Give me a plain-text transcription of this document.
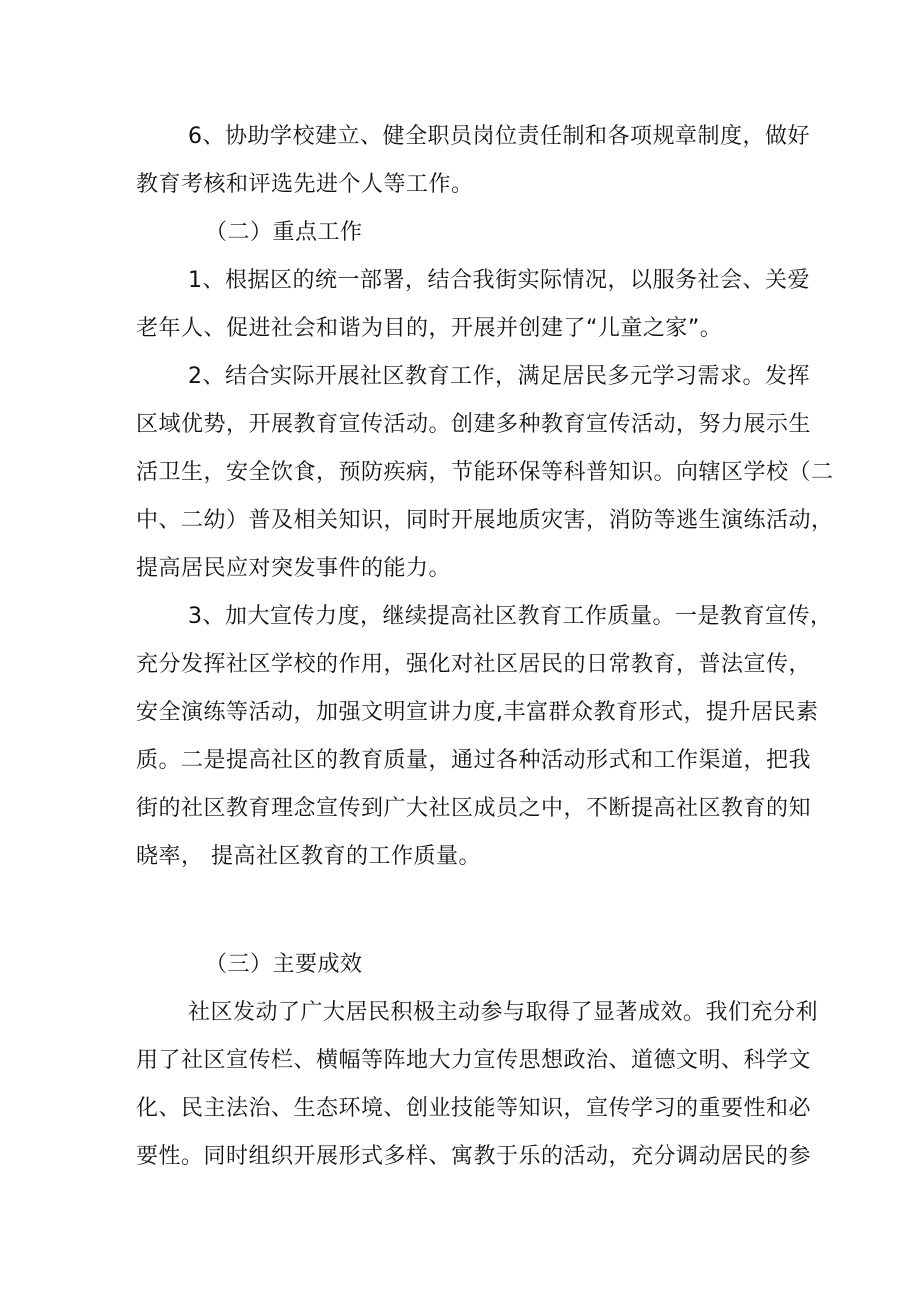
6、协助学校建立、健全职员岗位责任制和各项规章制度，做好
教育考核和评选先进个人等工作。
（二）重点工作
1、根据区的统一部署，结合我街实际情况，以服务社会、关爱
老年人、促进社会和谐为目的，开展并创建了“儿童之家”。
2、结合实际开展社区教育工作，满足居民多元学习需求。发挥
区域优势，开展教育宣传活动。创建多种教育宣传活动，努力展示生
活卫生，安全饮食，预防疾病，节能环保等科普知识。向辖区学校（二
中、二幼）普及相关知识，同时开展地质灾害，消防等逃生演练活动，
提高居民应对突发事件的能力。
3、加大宣传力度，继续提高社区教育工作质量。一是教育宣传，
充分发挥社区学校的作用，强化对社区居民的日常教育，普法宣传，
安全演练等活动，加强文明宣讲力度,丰富群众教育形式，提升居民素
质。二是提高社区的教育质量，通过各种活动形式和工作渠道，把我
街的社区教育理念宣传到广大社区成员之中，不断提高社区教育的知
晓率， 提高社区教育的工作质量。
（三）主要成效
社区发动了广大居民积极主动参与取得了显著成效。我们充分利
用了社区宣传栏、横幅等阵地大力宣传思想政治、道德文明、科学文
化、民主法治、生态环境、创业技能等知识，宣传学习的重要性和必
要性。同时组织开展形式多样、寓教于乐的活动，充分调动居民的参
